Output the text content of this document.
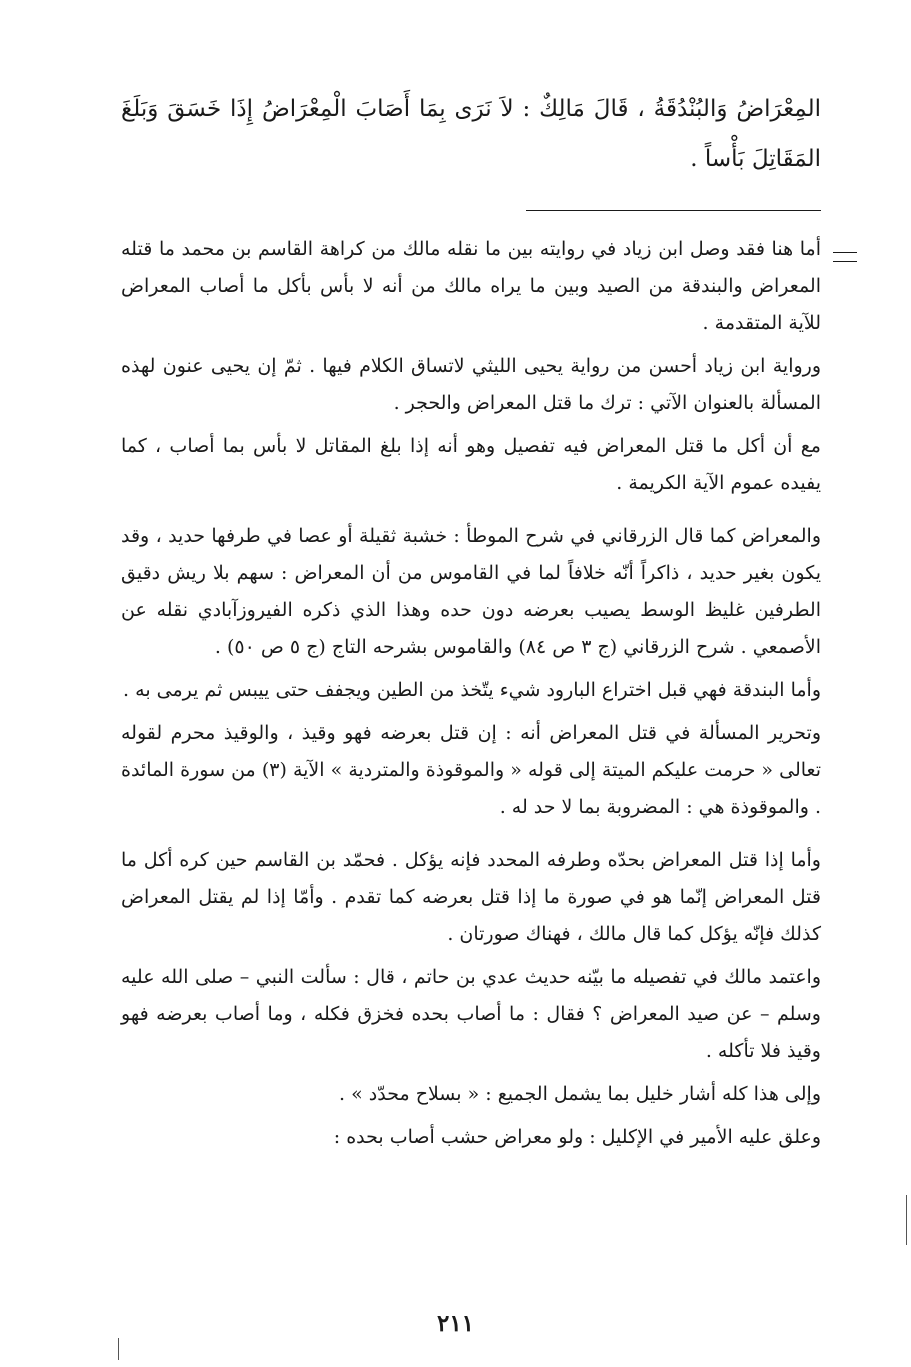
المِعْرَاضُ وَالبُنْدُقَةُ ، قَالَ مَالِكٌ : لاَ نَرَى بِمَا أَصَابَ الْمِعْرَاضُ إِذَا خَسَقَ وَبَلَغَ المَقَاتِلَ بَأْساً .

أما هنا فقد وصل ابن زياد في روايته بين ما نقله مالك من كراهة القاسم بن محمد ما قتله المعراض والبندقة من الصيد وبين ما يراه مالك من أنه لا بأس بأكل ما أصاب المعراض للآية المتقدمة .

ورواية ابن زياد أحسن من رواية يحيى الليثي لاتساق الكلام فيها . ثمّ إن يحيى عنون لهذه المسألة بالعنوان الآتي : ترك ما قتل المعراض والحجر .

مع أن أكل ما قتل المعراض فيه تفصيل وهو أنه إذا بلغ المقاتل لا بأس بما أصاب ، كما يفيده عموم الآية الكريمة .

والمعراض كما قال الزرقاني في شرح الموطأ : خشبة ثقيلة أو عصا في طرفها حديد ، وقد يكون بغير حديد ، ذاكراً أنّه خلافاً لما في القاموس من أن المعراض : سهم بلا ريش دقيق الطرفين غليظ الوسط يصيب بعرضه دون حده وهذا الذي ذكره الفيروزآبادي نقله عن الأصمعي . شرح الزرقاني (ج ٣ ص ٨٤) والقاموس بشرحه التاج (ج ٥ ص ٥٠) .

وأما البندقة فهي قبل اختراع البارود شيء يتّخذ من الطين ويجفف حتى ييبس ثم يرمى به .

وتحرير المسألة في قتل المعراض أنه : إن قتل بعرضه فهو وقيذ ، والوقيذ محرم لقوله تعالى « حرمت عليكم الميتة إلى قوله « والموقوذة والمتردية » الآية (٣) من سورة المائدة . والموقوذة هي : المضروبة بما لا حد له .

وأما إذا قتل المعراض بحدّه وطرفه المحدد فإنه يؤكل . فحمّد بن القاسم حين كره أكل ما قتل المعراض إنّما هو في صورة ما إذا قتل بعرضه كما تقدم . وأمّا إذا لم يقتل المعراض كذلك فإنّه يؤكل كما قال مالك ، فهناك صورتان .

واعتمد مالك في تفصيله ما بيّنه حديث عدي بن حاتم ، قال : سألت النبي – صلى الله عليه وسلم – عن صيد المعراض ؟ فقال : ما أصاب بحده فخزق فكله ، وما أصاب بعرضه فهو وقيذ فلا تأكله .

وإلى هذا كله أشار خليل بما يشمل الجميع : « بسلاح محدّد » .

وعلق عليه الأمير في الإكليل : ولو معراض حشب أصاب بحده :

٢١١
